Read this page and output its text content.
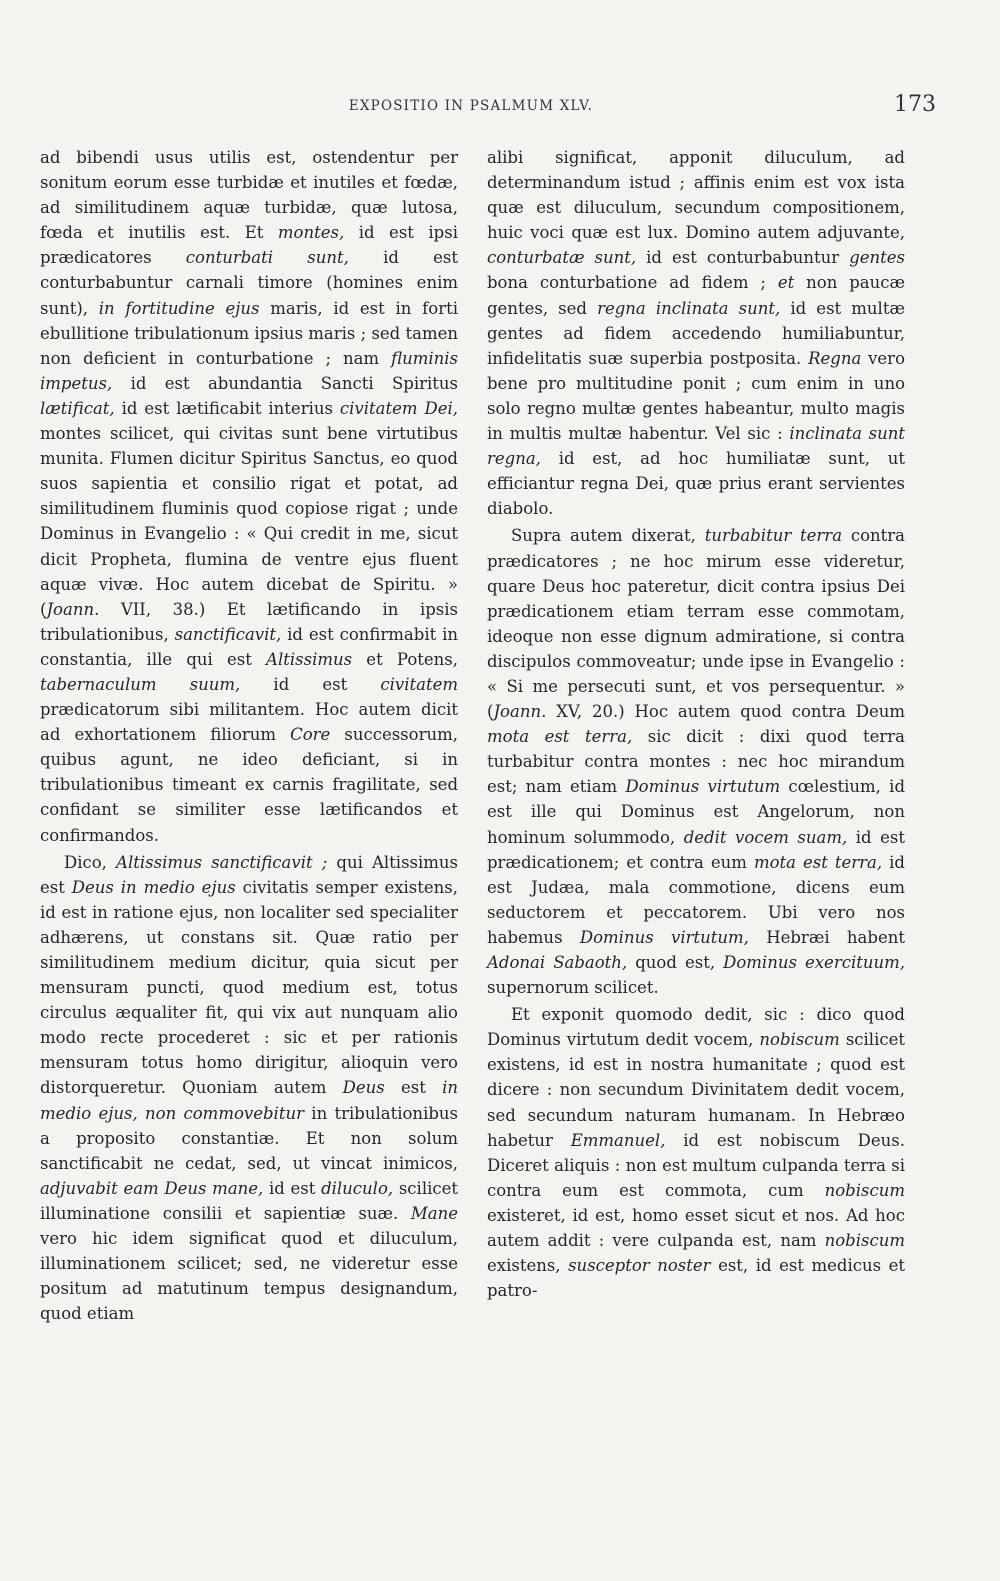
EXPOSITIO IN PSALMUM XLV.	173

ad bibendi usus utilis est, ostendentur per sonitum eorum esse turbidæ et inutiles et fœdæ, ad similitudinem aquæ turbidæ, quæ lutosa, fœda et inutilis est. Et montes, id est ipsi prædicatores conturbati sunt, id est conturbabuntur carnali timore (homines enim sunt), in fortitudine ejus maris, id est in forti ebullitione tribulationum ipsius maris ; sed tamen non deficient in conturbatione ; nam fluminis impetus, id est abundantia Sancti Spiritus lætificat, id est lætificabit interius civitatem Dei, montes scilicet, qui civitas sunt bene virtutibus munita. Flumen dicitur Spiritus Sanctus, eo quod suos sapientia et consilio rigat et potat, ad similitudinem fluminis quod copiose rigat ; unde Dominus in Evangelio : « Qui credit in me, sicut dicit Propheta, flumina de ventre ejus fluent aquæ vivæ. Hoc autem dicebat de Spiritu. » (Joann. VII, 38.) Et lætificando in ipsis tribulationibus, sanctificavit, id est confirmabit in constantia, ille qui est Altissimus et Potens, tabernaculum suum, id est civitatem prædicatorum sibi militantem. Hoc autem dicit ad exhortationem filiorum Core successorum, quibus agunt, ne ideo deficiant, si in tribulationibus timeant ex carnis fragilitate, sed confidant se similiter esse lætificandos et confirmandos.

Dico, Altissimus sanctificavit ; qui Altissimus est Deus in medio ejus civitatis semper existens, id est in ratione ejus, non localiter sed specialiter adhærens, ut constans sit. Quæ ratio per similitudinem medium dicitur, quia sicut per mensuram puncti, quod medium est, totus circulus æqualiter fit, qui vix aut nunquam alio modo recte procederet : sic et per rationis mensuram totus homo dirigitur, alioquin vero distorqueretur. Quoniam autem Deus est in medio ejus, non commovebitur in tribulationibus a proposito constantiæ. Et non solum sanctificabit ne cedat, sed, ut vincat inimicos, adjuvabit eam Deus mane, id est diluculo, scilicet illuminatione consilii et sapientiæ suæ. Mane vero hic idem significat quod et diluculum, illuminationem scilicet; sed, ne videretur esse positum ad matutinum tempus designandum, quod etiam

alibi significat, apponit diluculum, ad determinandum istud ; affinis enim est vox ista quæ est diluculum, secundum compositionem, huic voci quæ est lux. Domino autem adjuvante, conturbatæ sunt, id est conturbabuntur gentes bona conturbatione ad fidem ; et non paucæ gentes, sed regna inclinata sunt, id est multæ gentes ad fidem accedendo humiliabuntur, infidelitatis suæ superbia postposita. Regna vero bene pro multitudine ponit ; cum enim in uno solo regno multæ gentes habeantur, multo magis in multis multæ habentur. Vel sic : inclinata sunt regna, id est, ad hoc humiliatæ sunt, ut efficiantur regna Dei, quæ prius erant servientes diabolo.

Supra autem dixerat, turbabitur terra contra prædicatores ; ne hoc mirum esse videretur, quare Deus hoc pateretur, dicit contra ipsius Dei prædicationem etiam terram esse commotam, ideoque non esse dignum admiratione, si contra discipulos commoveatur; unde ipse in Evangelio : « Si me persecuti sunt, et vos persequentur. » (Joann. XV, 20.) Hoc autem quod contra Deum mota est terra, sic dicit : dixi quod terra turbabitur contra montes : nec hoc mirandum est; nam etiam Dominus virtutum cœlestium, id est ille qui Dominus est Angelorum, non hominum solummodo, dedit vocem suam, id est prædicationem; et contra eum mota est terra, id est Judæa, mala commotione, dicens eum seductorem et peccatorem. Ubi vero nos habemus Dominus virtutum, Hebræi habent Adonai Sabaoth, quod est, Dominus exercituum, supernorum scilicet.

Et exponit quomodo dedit, sic : dico quod Dominus virtutum dedit vocem, nobiscum scilicet existens, id est in nostra humanitate ; quod est dicere : non secundum Divinitatem dedit vocem, sed secundum naturam humanam. In Hebræo habetur Emmanuel, id est nobiscum Deus. Diceret aliquis : non est multum culpanda terra si contra eum est commota, cum nobiscum existeret, id est, homo esset sicut et nos. Ad hoc autem addit : vere culpanda est, nam nobiscum existens, susceptor noster est, id est medicus et patro-
